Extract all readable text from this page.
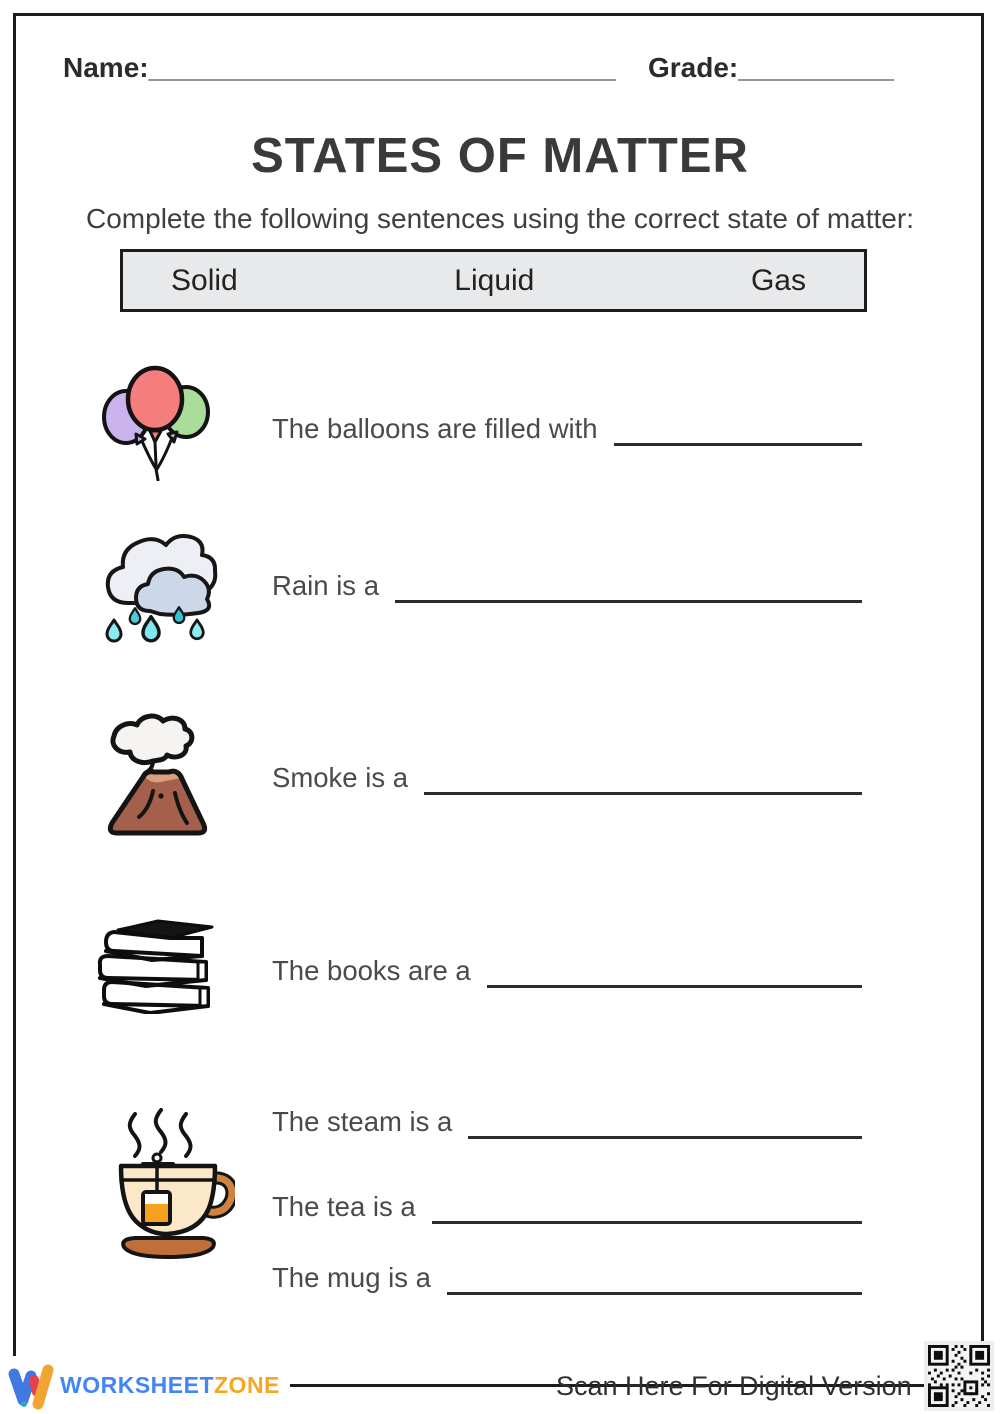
Name:______________________________ Grade:__________
STATES OF MATTER
Complete the following sentences using the correct state of matter:
Solid	Liquid	Gas
The balloons are filled with
Rain is a
Smoke is a
The books are a
The steam is a
The tea is a
The mug is a
WORKSHEETZONE	Scan Here For Digital Version
